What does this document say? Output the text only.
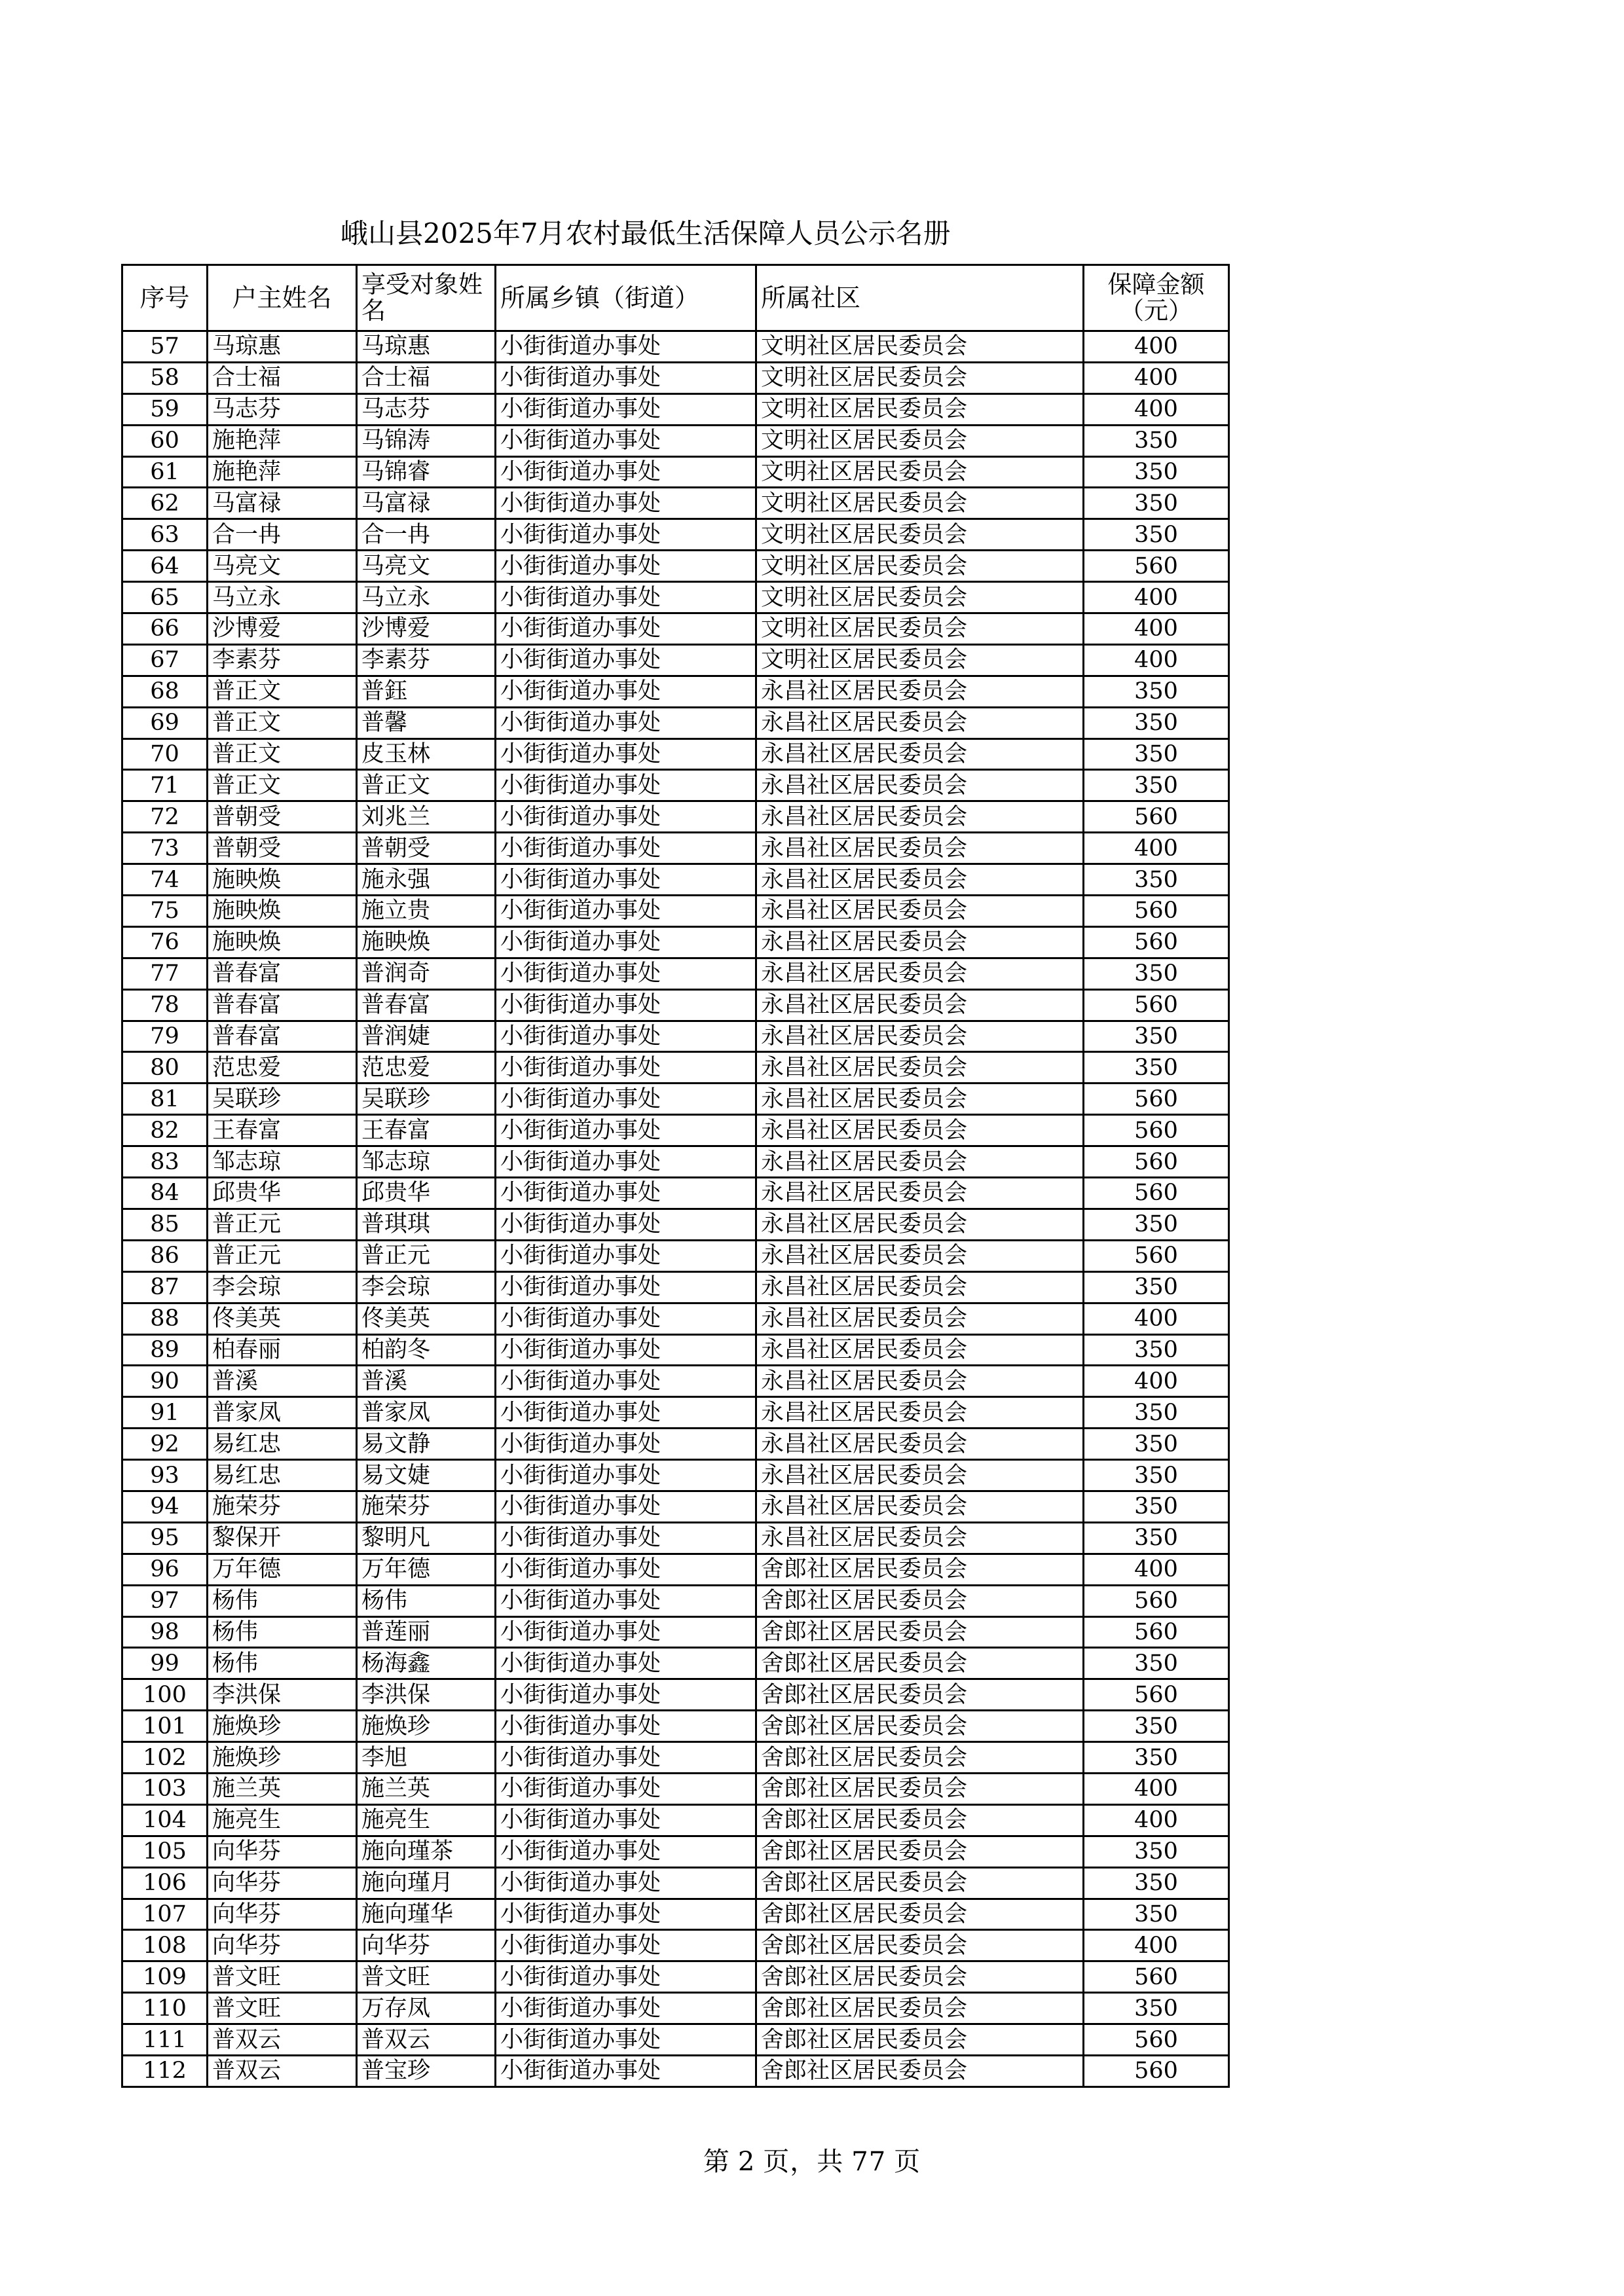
峨山县2025年7月农村最低生活保障人员公示名册
序号	户主姓名	享受对象姓名	所属乡镇（街道）	所属社区	保障金额（元）
57	马琼惠	马琼惠	小街街道办事处	文明社区居民委员会	400
58	合士福	合士福	小街街道办事处	文明社区居民委员会	400
59	马志芬	马志芬	小街街道办事处	文明社区居民委员会	400
60	施艳萍	马锦涛	小街街道办事处	文明社区居民委员会	350
61	施艳萍	马锦睿	小街街道办事处	文明社区居民委员会	350
62	马富禄	马富禄	小街街道办事处	文明社区居民委员会	350
63	合一冉	合一冉	小街街道办事处	文明社区居民委员会	350
64	马亮文	马亮文	小街街道办事处	文明社区居民委员会	560
65	马立永	马立永	小街街道办事处	文明社区居民委员会	400
66	沙博爱	沙博爱	小街街道办事处	文明社区居民委员会	400
67	李素芬	李素芬	小街街道办事处	文明社区居民委员会	400
68	普正文	普鈺	小街街道办事处	永昌社区居民委员会	350
69	普正文	普馨	小街街道办事处	永昌社区居民委员会	350
70	普正文	皮玉林	小街街道办事处	永昌社区居民委员会	350
71	普正文	普正文	小街街道办事处	永昌社区居民委员会	350
72	普朝受	刘兆兰	小街街道办事处	永昌社区居民委员会	560
73	普朝受	普朝受	小街街道办事处	永昌社区居民委员会	400
74	施映焕	施永强	小街街道办事处	永昌社区居民委员会	350
75	施映焕	施立贵	小街街道办事处	永昌社区居民委员会	560
76	施映焕	施映焕	小街街道办事处	永昌社区居民委员会	560
77	普春富	普润奇	小街街道办事处	永昌社区居民委员会	350
78	普春富	普春富	小街街道办事处	永昌社区居民委员会	560
79	普春富	普润婕	小街街道办事处	永昌社区居民委员会	350
80	范忠爱	范忠爱	小街街道办事处	永昌社区居民委员会	350
81	吴联珍	吴联珍	小街街道办事处	永昌社区居民委员会	560
82	王春富	王春富	小街街道办事处	永昌社区居民委员会	560
83	邹志琼	邹志琼	小街街道办事处	永昌社区居民委员会	560
84	邱贵华	邱贵华	小街街道办事处	永昌社区居民委员会	560
85	普正元	普琪琪	小街街道办事处	永昌社区居民委员会	350
86	普正元	普正元	小街街道办事处	永昌社区居民委员会	560
87	李会琼	李会琼	小街街道办事处	永昌社区居民委员会	350
88	佟美英	佟美英	小街街道办事处	永昌社区居民委员会	400
89	柏春丽	柏韵冬	小街街道办事处	永昌社区居民委员会	350
90	普溪	普溪	小街街道办事处	永昌社区居民委员会	400
91	普家凤	普家凤	小街街道办事处	永昌社区居民委员会	350
92	易红忠	易文静	小街街道办事处	永昌社区居民委员会	350
93	易红忠	易文婕	小街街道办事处	永昌社区居民委员会	350
94	施荣芬	施荣芬	小街街道办事处	永昌社区居民委员会	350
95	黎保开	黎明凡	小街街道办事处	永昌社区居民委员会	350
96	万年德	万年德	小街街道办事处	舍郎社区居民委员会	400
97	杨伟	杨伟	小街街道办事处	舍郎社区居民委员会	560
98	杨伟	普莲丽	小街街道办事处	舍郎社区居民委员会	560
99	杨伟	杨海鑫	小街街道办事处	舍郎社区居民委员会	350
100	李洪保	李洪保	小街街道办事处	舍郎社区居民委员会	560
101	施焕珍	施焕珍	小街街道办事处	舍郎社区居民委员会	350
102	施焕珍	李旭	小街街道办事处	舍郎社区居民委员会	350
103	施兰英	施兰英	小街街道办事处	舍郎社区居民委员会	400
104	施亮生	施亮生	小街街道办事处	舍郎社区居民委员会	400
105	向华芬	施向瑾茶	小街街道办事处	舍郎社区居民委员会	350
106	向华芬	施向瑾月	小街街道办事处	舍郎社区居民委员会	350
107	向华芬	施向瑾华	小街街道办事处	舍郎社区居民委员会	350
108	向华芬	向华芬	小街街道办事处	舍郎社区居民委员会	400
109	普文旺	普文旺	小街街道办事处	舍郎社区居民委员会	560
110	普文旺	万存凤	小街街道办事处	舍郎社区居民委员会	350
111	普双云	普双云	小街街道办事处	舍郎社区居民委员会	560
112	普双云	普宝珍	小街街道办事处	舍郎社区居民委员会	560
第 2 页，共 77 页
